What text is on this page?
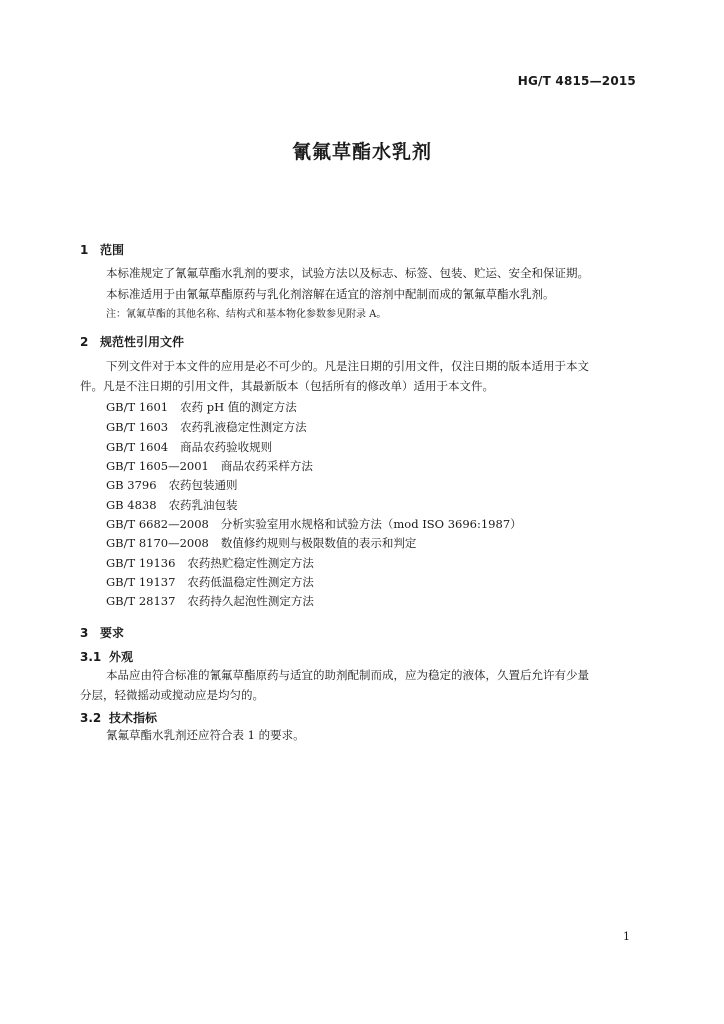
HG/T 4815—2015
氰氟草酯水乳剂
1 范围
本标准规定了氰氟草酯水乳剂的要求，试验方法以及标志、标签、包装、贮运、安全和保证期。
本标准适用于由氰氟草酯原药与乳化剂溶解在适宜的溶剂中配制而成的氰氟草酯水乳剂。
注：氰氟草酯的其他名称、结构式和基本物化参数参见附录 A。
2 规范性引用文件
下列文件对于本文件的应用是必不可少的。凡是注日期的引用文件，仅注日期的版本适用于本文
件。凡是不注日期的引用文件，其最新版本（包括所有的修改单）适用于本文件。
GB/T 1601 农药 pH 值的测定方法
GB/T 1603 农药乳液稳定性测定方法
GB/T 1604 商品农药验收规则
GB/T 1605—2001 商品农药采样方法
GB 3796 农药包装通则
GB 4838 农药乳油包装
GB/T 6682—2008 分析实验室用水规格和试验方法（mod ISO 3696:1987）
GB/T 8170—2008 数值修约规则与极限数值的表示和判定
GB/T 19136 农药热贮稳定性测定方法
GB/T 19137 农药低温稳定性测定方法
GB/T 28137 农药持久起泡性测定方法
3 要求
3.1 外观
本品应由符合标准的氰氟草酯原药与适宜的助剂配制而成，应为稳定的液体，久置后允许有少量
分层，轻微摇动或搅动应是均匀的。
3.2 技术指标
氰氟草酯水乳剂还应符合表 1 的要求。
1
